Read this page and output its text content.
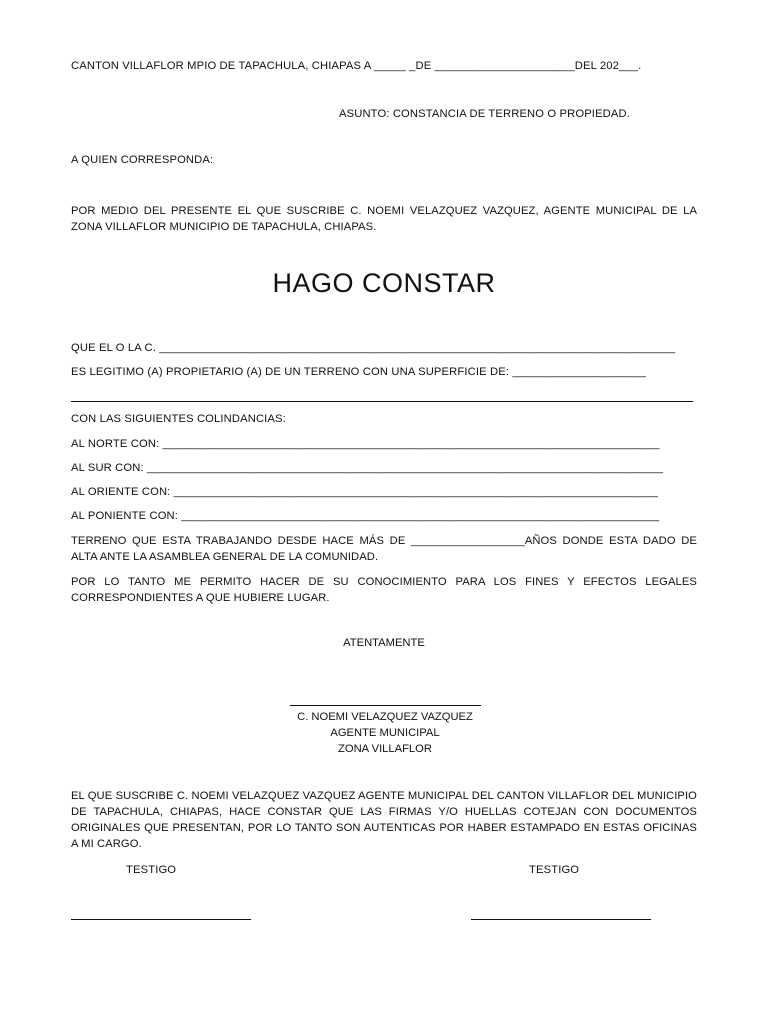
CANTON VILLAFLOR MPIO DE TAPACHULA, CHIAPAS A _____ _DE ______________________DEL 202___.
ASUNTO: CONSTANCIA DE TERRENO O PROPIEDAD.
A QUIEN CORRESPONDA:
POR MEDIO DEL PRESENTE EL QUE SUSCRIBE C. NOEMI VELAZQUEZ VAZQUEZ, AGENTE MUNICIPAL DE LA ZONA VILLAFLOR MUNICIPIO DE TAPACHULA, CHIAPAS.
HAGO CONSTAR
QUE EL O LA C. _________________________________________________________________________________
ES LEGITIMO (A) PROPIETARIO (A) DE UN TERRENO CON UNA SUPERFICIE DE: _____________________
CON LAS SIGUIENTES COLINDANCIAS:
AL NORTE CON: ______________________________________________________________________________
AL SUR CON: _________________________________________________________________________________
AL ORIENTE CON: ____________________________________________________________________________
AL PONIENTE CON: ___________________________________________________________________________
TERRENO QUE ESTA TRABAJANDO DESDE HACE MÁS DE __________________AÑOS DONDE ESTA DADO DE ALTA ANTE LA ASAMBLEA GENERAL DE LA COMUNIDAD.
POR LO TANTO ME PERMITO HACER DE SU CONOCIMIENTO PARA LOS FINES Y EFECTOS LEGALES CORRESPONDIENTES A QUE HUBIERE LUGAR.
ATENTAMENTE
C. NOEMI VELAZQUEZ VAZQUEZ
AGENTE MUNICIPAL
ZONA VILLAFLOR
EL QUE SUSCRIBE C. NOEMI VELAZQUEZ VAZQUEZ AGENTE MUNICIPAL DEL CANTON VILLAFLOR DEL MUNICIPIO DE TAPACHULA, CHIAPAS, HACE CONSTAR QUE LAS FIRMAS Y/O HUELLAS COTEJAN CON DOCUMENTOS ORIGINALES QUE PRESENTAN, POR LO TANTO SON AUTENTICAS POR HABER ESTAMPADO EN ESTAS OFICINAS A MI CARGO.
TESTIGO	TESTIGO
